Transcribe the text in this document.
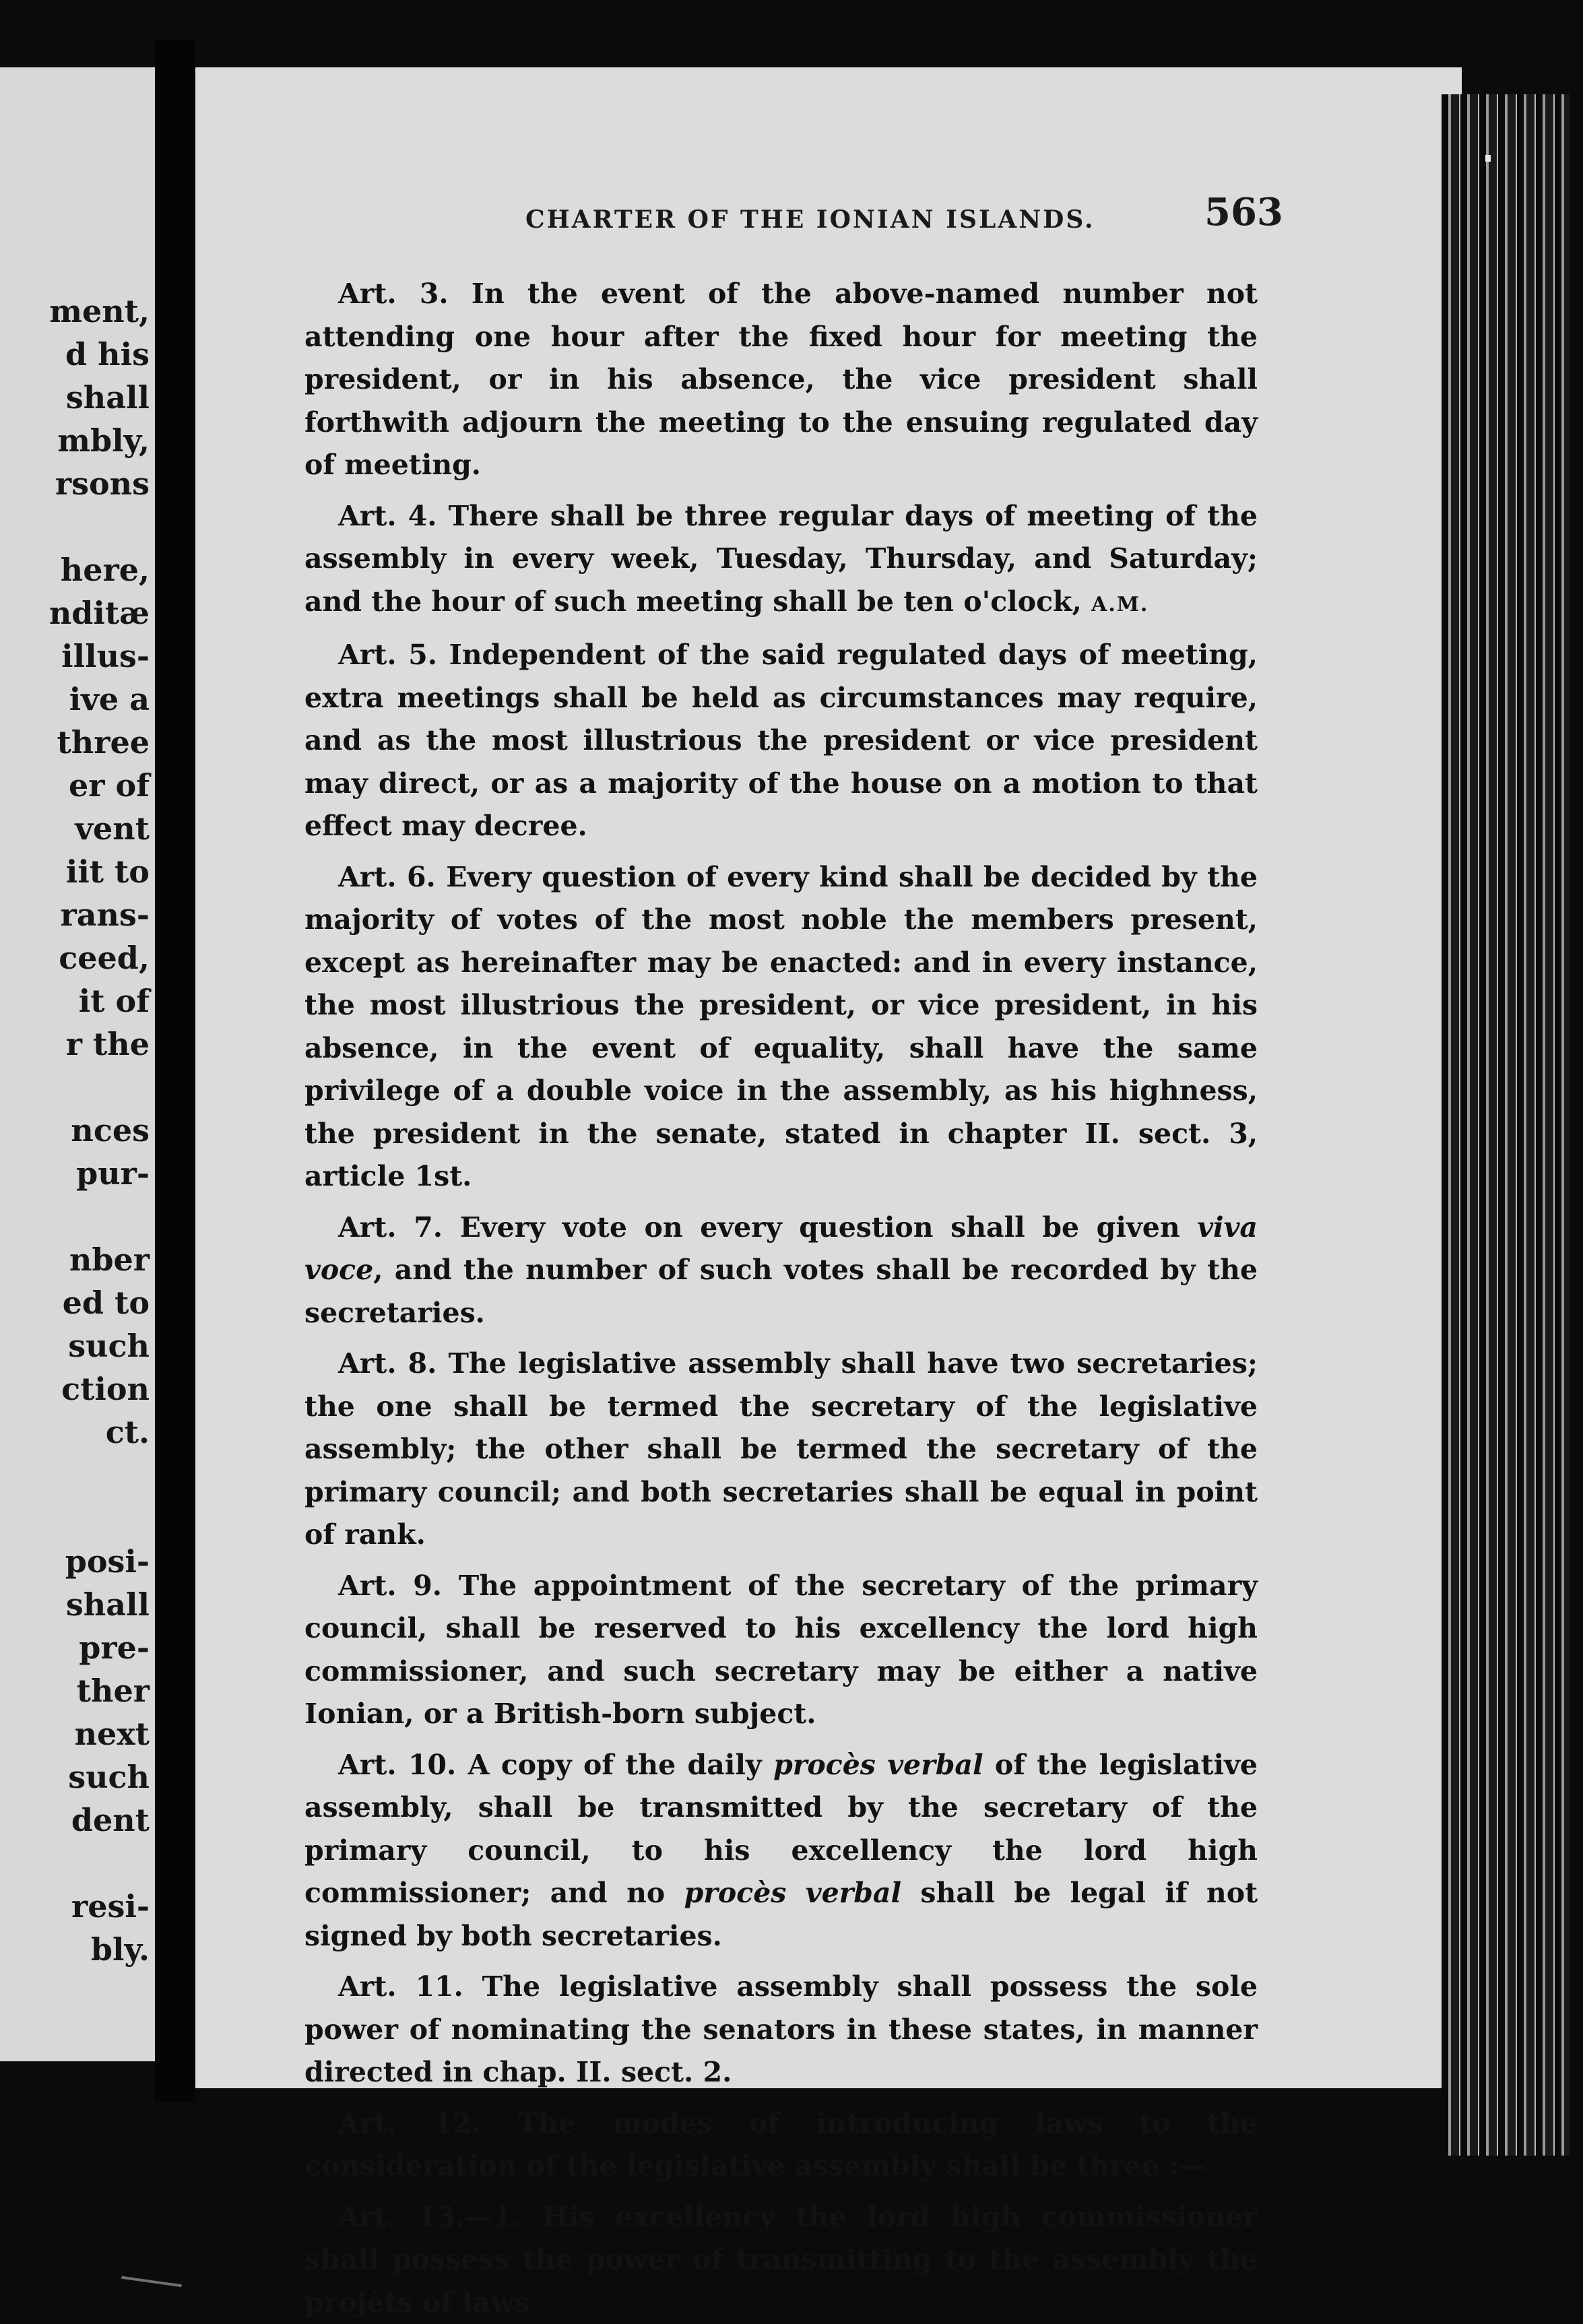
ment,
d his
shall
mbly,
rsons
here,
nditæ
illus-
ive a
three
er of
vent
iit to
rans-
ceed,
it of
r the
nces
pur-
nber
ed to
such
ction
ct.
posi-
shall
pre-
ther
next
such
dent
resi-
bly.
CHARTER OF THE IONIAN ISLANDS.	563

Art. 3. In the event of the above-named number not attending one hour after the fixed hour for meeting the president, or in his absence, the vice president shall forthwith adjourn the meeting to the ensuing regulated day of meeting.

Art. 4. There shall be three regular days of meeting of the assembly in every week, Tuesday, Thursday, and Saturday; and the hour of such meeting shall be ten o'clock, A.M.

Art. 5. Independent of the said regulated days of meeting, extra meetings shall be held as circumstances may require, and as the most illustrious the president or vice president may direct, or as a majority of the house on a motion to that effect may decree.

Art. 6. Every question of every kind shall be decided by the majority of votes of the most noble the members present, except as hereinafter may be enacted: and in every instance, the most illustrious the president, or vice president, in his absence, in the event of equality, shall have the same privilege of a double voice in the assembly, as his highness, the president in the senate, stated in chapter II. sect. 3, article 1st.

Art. 7. Every vote on every question shall be given viva voce, and the number of such votes shall be recorded by the secretaries.

Art. 8. The legislative assembly shall have two secretaries; the one shall be termed the secretary of the legislative assembly; the other shall be termed the secretary of the primary council; and both secretaries shall be equal in point of rank.

Art. 9. The appointment of the secretary of the primary council, shall be reserved to his excellency the lord high commissioner, and such secretary may be either a native Ionian, or a British-born subject.

Art. 10. A copy of the daily procès verbal of the legislative assembly, shall be transmitted by the secretary of the primary council, to his excellency the lord high commissioner; and no procès verbal shall be legal if not signed by both secretaries.

Art. 11. The legislative assembly shall possess the sole power of nominating the senators in these states, in manner directed in chap. II. sect. 2.

Art. 12. The modes of introducing laws to the consideration of the legislative assembly shall be three :—

Art. 13.—1. His excellency the lord high commissioner shall possess the power of transmitting to the assembly the projèts of laws
